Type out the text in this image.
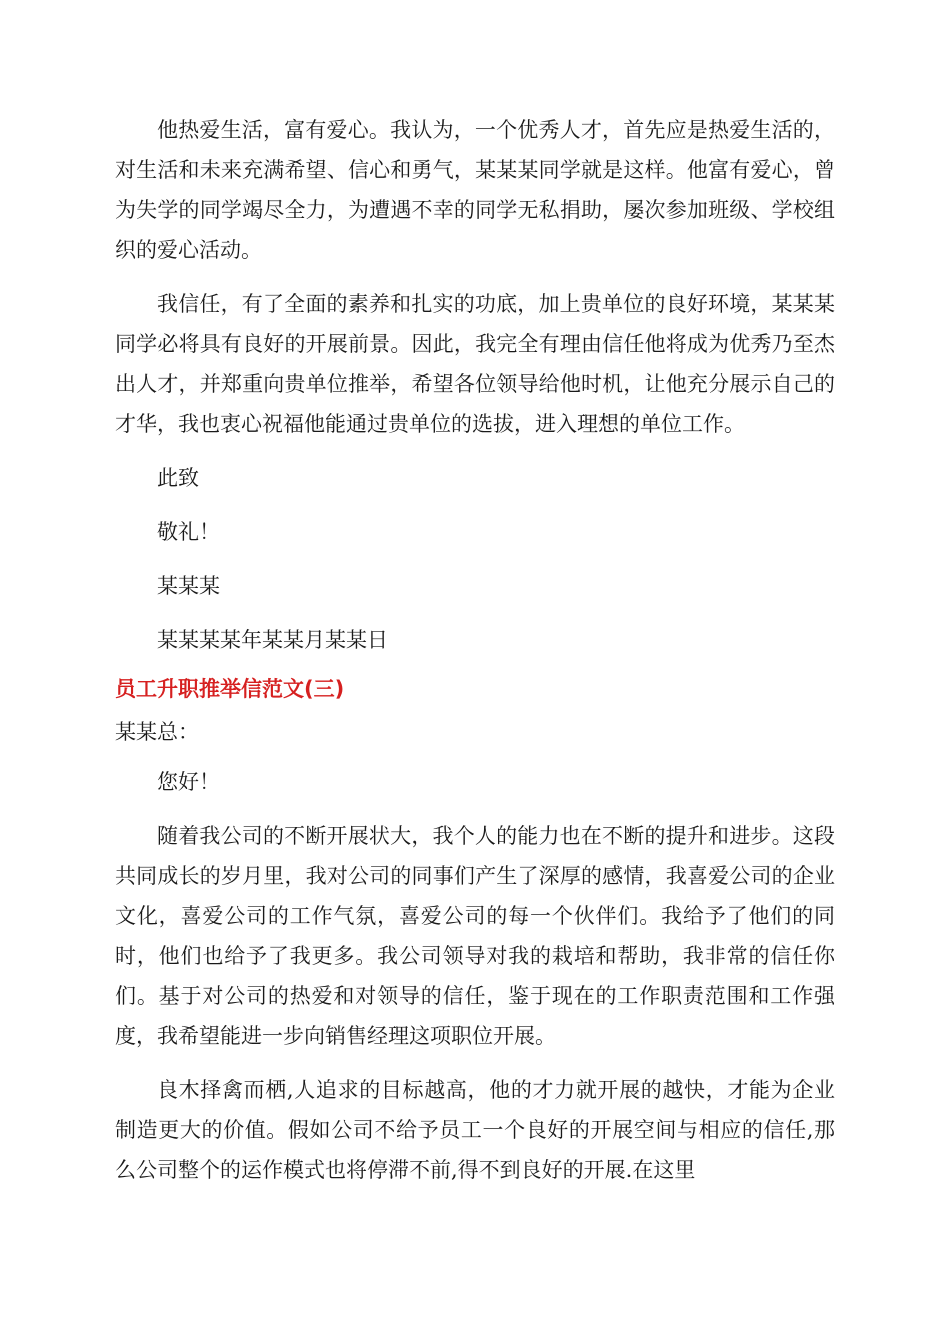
他热爱生活，富有爱心。我认为，一个优秀人才，首先应是热爱生活的，对生活和未来充满希望、信心和勇气，某某某同学就是这样。他富有爱心，曾为失学的同学竭尽全力，为遭遇不幸的同学无私捐助，屡次参加班级、学校组织的爱心活动。

我信任，有了全面的素养和扎实的功底，加上贵单位的良好环境，某某某同学必将具有良好的开展前景。因此，我完全有理由信任他将成为优秀乃至杰出人才，并郑重向贵单位推举，希望各位领导给他时机，让他充分展示自己的才华，我也衷心祝福他能通过贵单位的选拔，进入理想的单位工作。

此致
敬礼！
某某某
某某某某年某某月某某日
员工升职推举信范文(三)
某某总：
您好！

随着我公司的不断开展状大，我个人的能力也在不断的提升和进步。这段共同成长的岁月里，我对公司的同事们产生了深厚的感情，我喜爱公司的企业文化，喜爱公司的工作气氛，喜爱公司的每一个伙伴们。我给予了他们的同时，他们也给予了我更多。我公司领导对我的栽培和帮助，我非常的信任你们。基于对公司的热爱和对领导的信任，鉴于现在的工作职责范围和工作强度，我希望能进一步向销售经理这项职位开展。

良木择禽而栖,人追求的目标越高，他的才力就开展的越快，才能为企业制造更大的价值。假如公司不给予员工一个良好的开展空间与相应的信任,那么公司整个的运作模式也将停滞不前,得不到良好的开展.在这里
